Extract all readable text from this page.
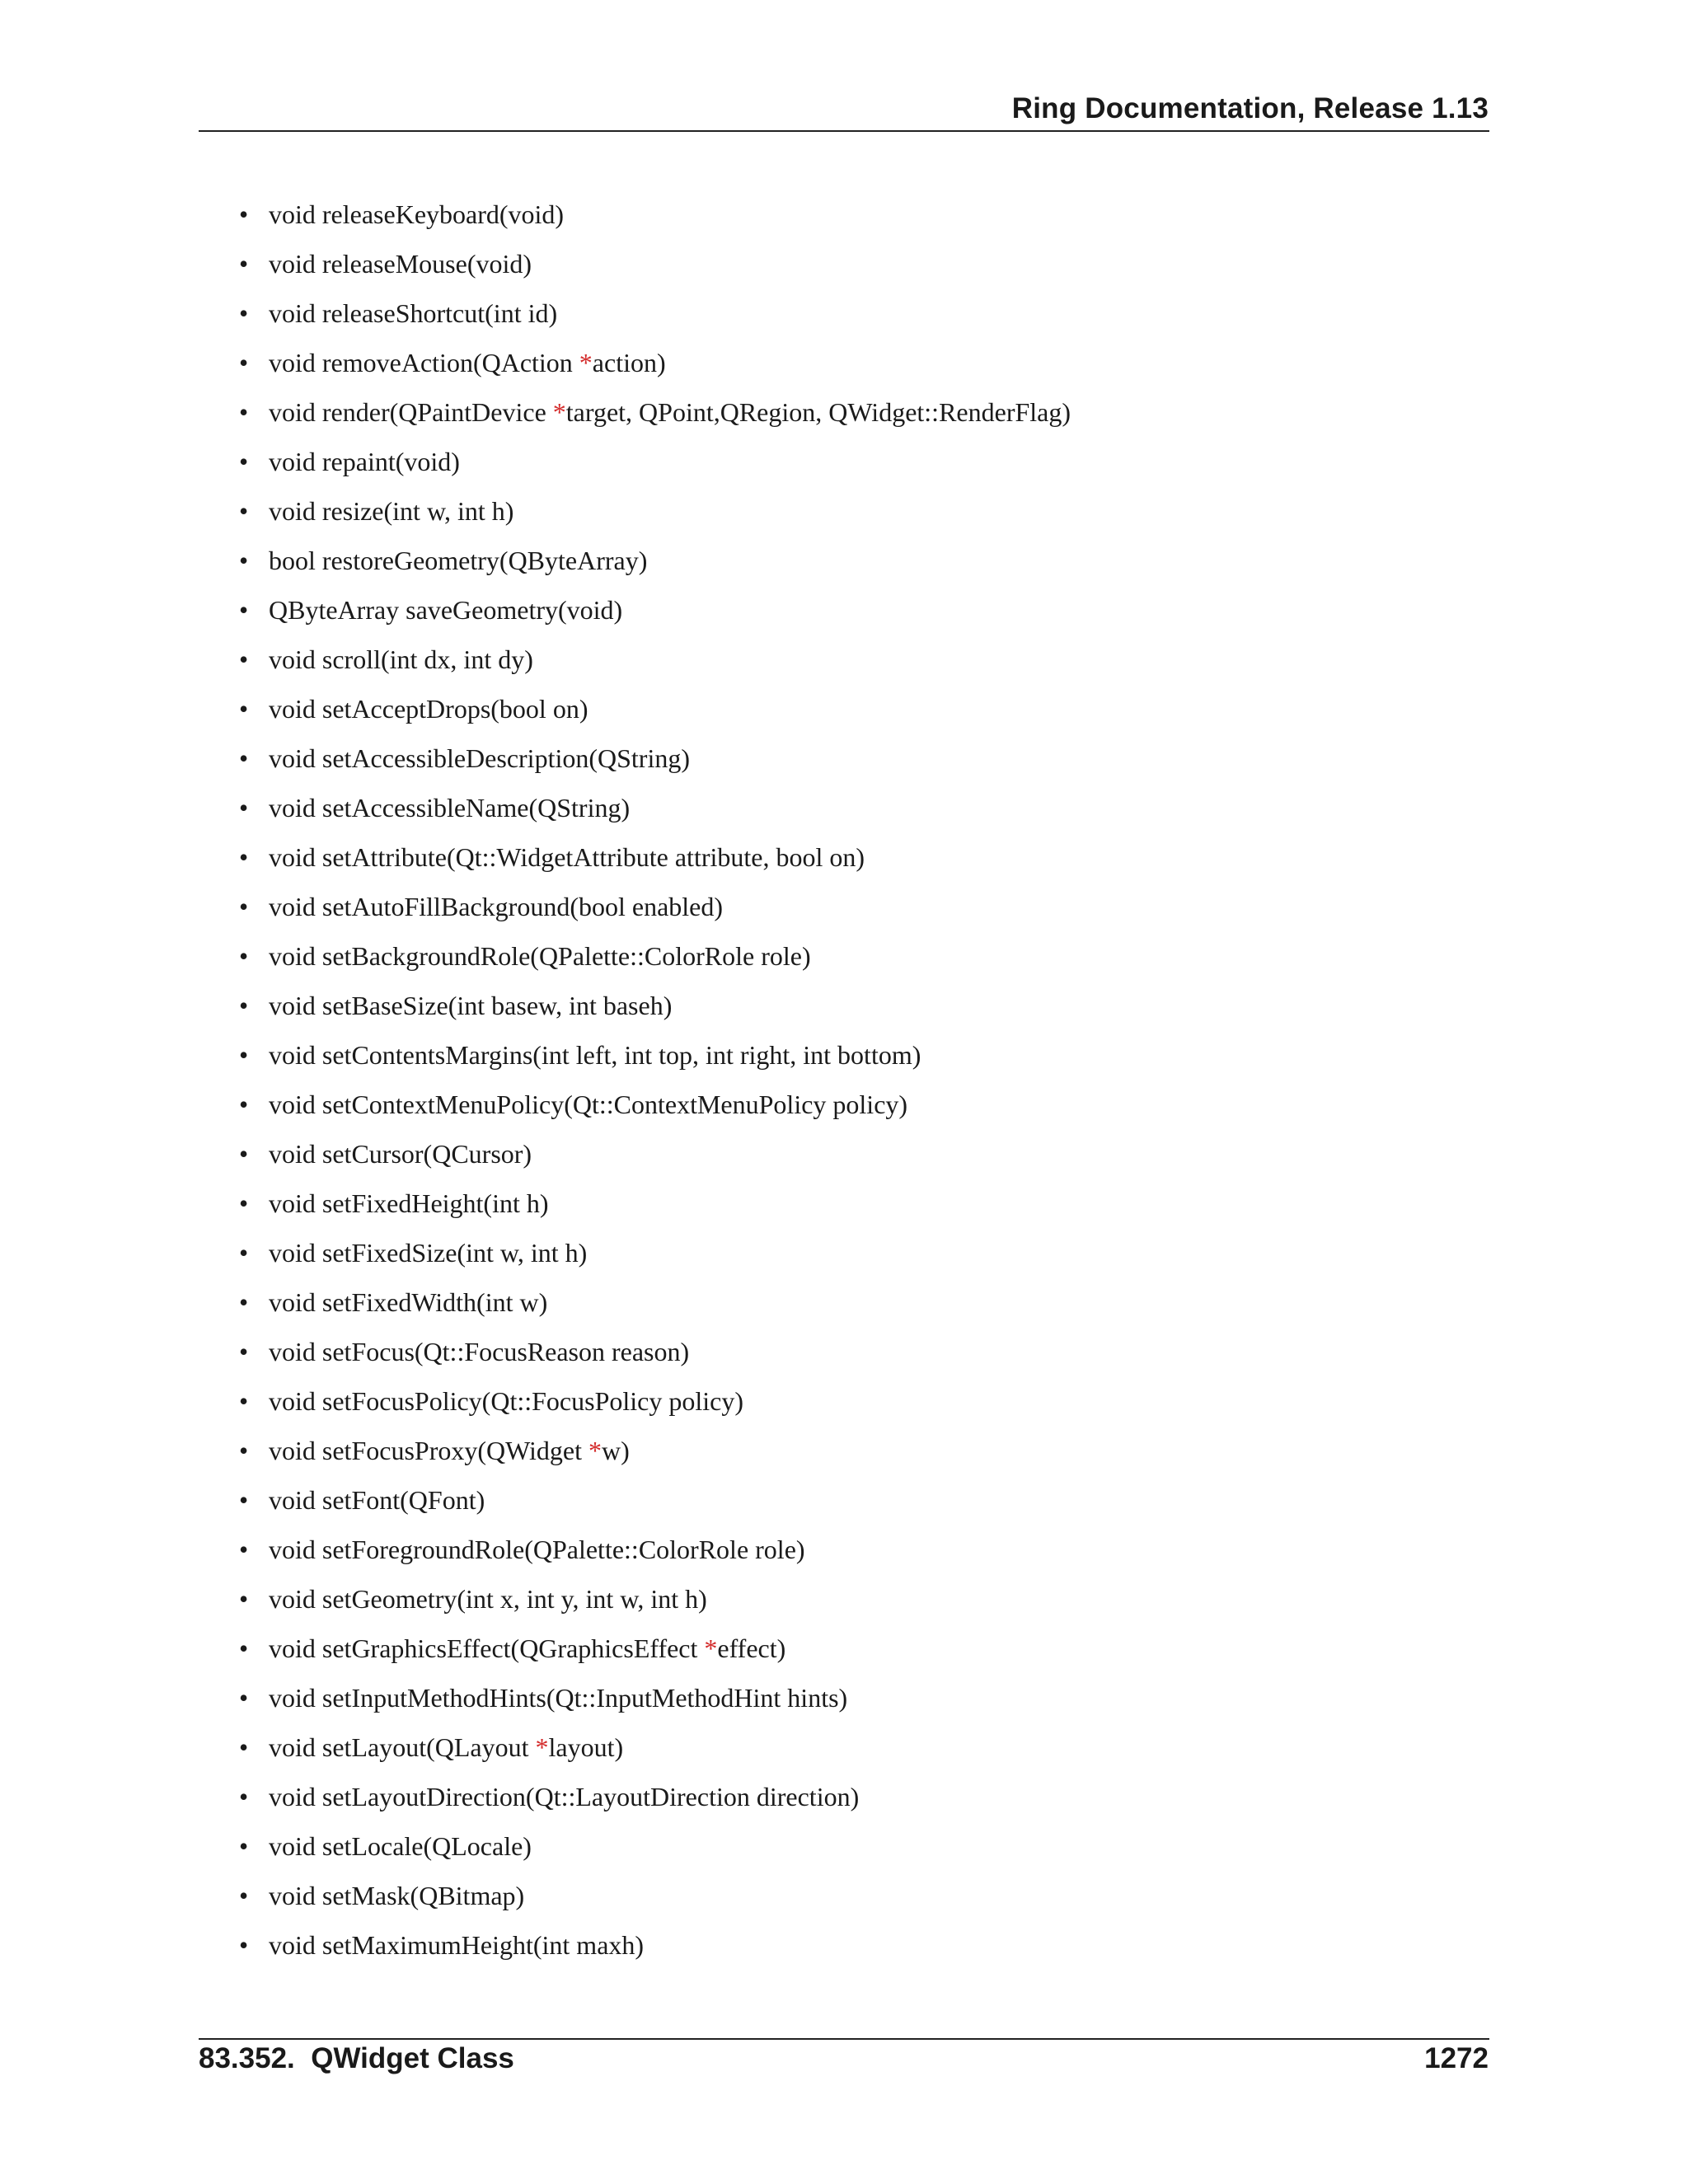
Ring Documentation, Release 1.13
• void releaseKeyboard(void)
• void releaseMouse(void)
• void releaseShortcut(int id)
• void removeAction(QAction *action)
• void render(QPaintDevice *target, QPoint,QRegion, QWidget::RenderFlag)
• void repaint(void)
• void resize(int w, int h)
• bool restoreGeometry(QByteArray)
• QByteArray saveGeometry(void)
• void scroll(int dx, int dy)
• void setAcceptDrops(bool on)
• void setAccessibleDescription(QString)
• void setAccessibleName(QString)
• void setAttribute(Qt::WidgetAttribute attribute, bool on)
• void setAutoFillBackground(bool enabled)
• void setBackgroundRole(QPalette::ColorRole role)
• void setBaseSize(int basew, int baseh)
• void setContentsMargins(int left, int top, int right, int bottom)
• void setContextMenuPolicy(Qt::ContextMenuPolicy policy)
• void setCursor(QCursor)
• void setFixedHeight(int h)
• void setFixedSize(int w, int h)
• void setFixedWidth(int w)
• void setFocus(Qt::FocusReason reason)
• void setFocusPolicy(Qt::FocusPolicy policy)
• void setFocusProxy(QWidget *w)
• void setFont(QFont)
• void setForegroundRole(QPalette::ColorRole role)
• void setGeometry(int x, int y, int w, int h)
• void setGraphicsEffect(QGraphicsEffect *effect)
• void setInputMethodHints(Qt::InputMethodHint hints)
• void setLayout(QLayout *layout)
• void setLayoutDirection(Qt::LayoutDirection direction)
• void setLocale(QLocale)
• void setMask(QBitmap)
• void setMaximumHeight(int maxh)
83.352.  QWidget Class	1272
